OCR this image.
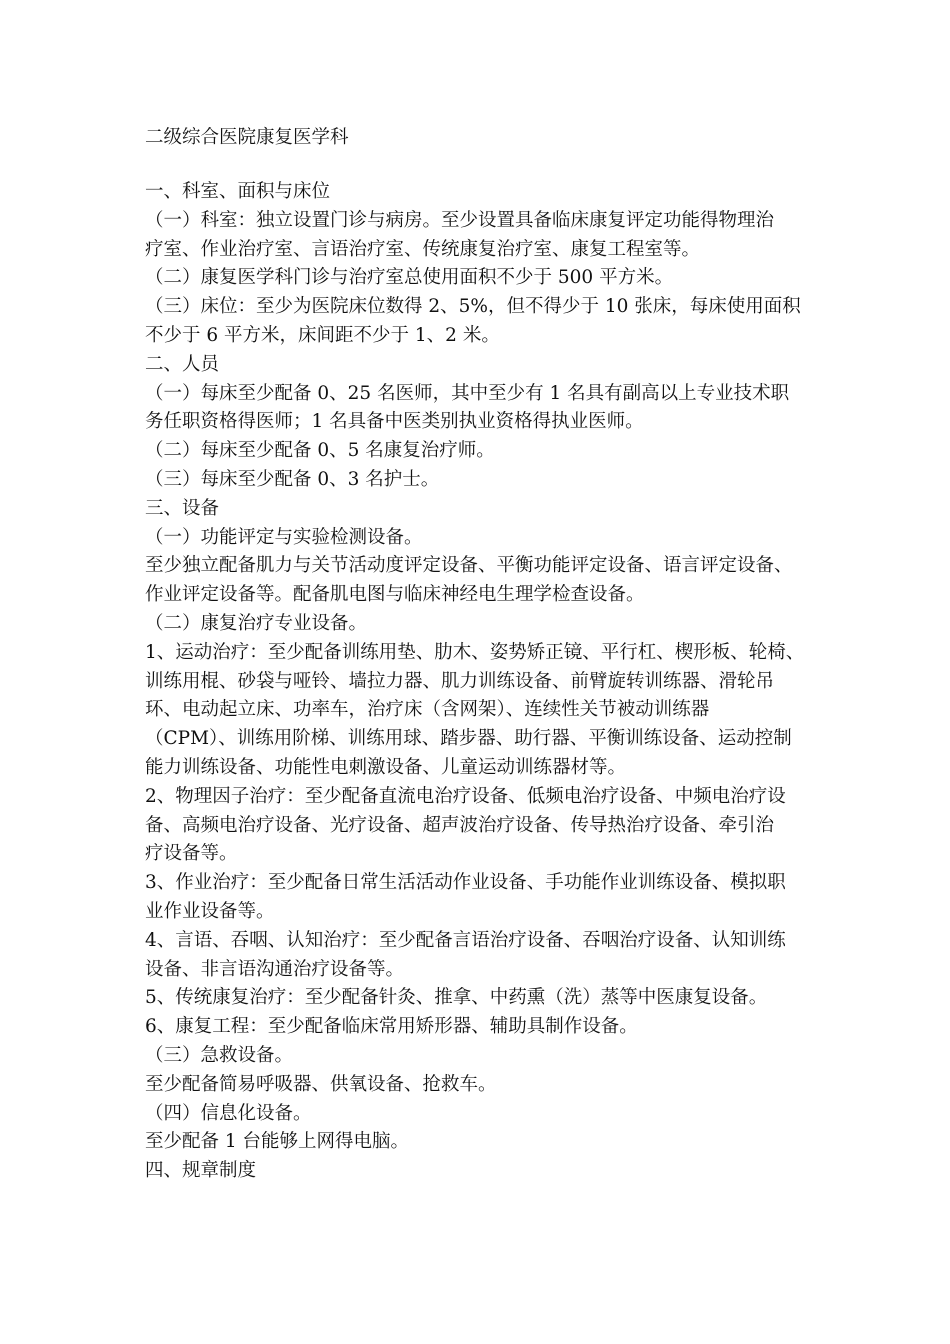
二级综合医院康复医学科
一、科室、面积与床位
（一）科室：独立设置门诊与病房。至少设置具备临床康复评定功能得物理治
疗室、作业治疗室、言语治疗室、传统康复治疗室、康复工程室等。
（二）康复医学科门诊与治疗室总使用面积不少于 500 平方米。
（三）床位：至少为医院床位数得 2、5%，但不得少于 10 张床，每床使用面积
不少于 6 平方米，床间距不少于 1、2 米。
二、人员
（一）每床至少配备 0、25 名医师，其中至少有 1 名具有副高以上专业技术职
务任职资格得医师；1 名具备中医类别执业资格得执业医师。
（二）每床至少配备 0、5 名康复治疗师。
（三）每床至少配备 0、3 名护士。
三、设备
（一）功能评定与实验检测设备。
至少独立配备肌力与关节活动度评定设备、平衡功能评定设备、语言评定设备、
作业评定设备等。配备肌电图与临床神经电生理学检查设备。
（二）康复治疗专业设备。
1、运动治疗：至少配备训练用垫、肋木、姿势矫正镜、平行杠、楔形板、轮椅、
训练用棍、砂袋与哑铃、墙拉力器、肌力训练设备、前臂旋转训练器、滑轮吊
环、电动起立床、功率车，治疗床（含网架）、连续性关节被动训练器
（CPM）、训练用阶梯、训练用球、踏步器、助行器、平衡训练设备、运动控制
能力训练设备、功能性电刺激设备、儿童运动训练器材等。
2、物理因子治疗：至少配备直流电治疗设备、低频电治疗设备、中频电治疗设
备、高频电治疗设备、光疗设备、超声波治疗设备、传导热治疗设备、牵引治
疗设备等。
3、作业治疗：至少配备日常生活活动作业设备、手功能作业训练设备、模拟职
业作业设备等。
4、言语、吞咽、认知治疗：至少配备言语治疗设备、吞咽治疗设备、认知训练
设备、非言语沟通治疗设备等。
5、传统康复治疗：至少配备针灸、推拿、中药熏（洗）蒸等中医康复设备。
6、康复工程：至少配备临床常用矫形器、辅助具制作设备。
（三）急救设备。
至少配备简易呼吸器、供氧设备、抢救车。
（四）信息化设备。
至少配备 1 台能够上网得电脑。
四、规章制度
